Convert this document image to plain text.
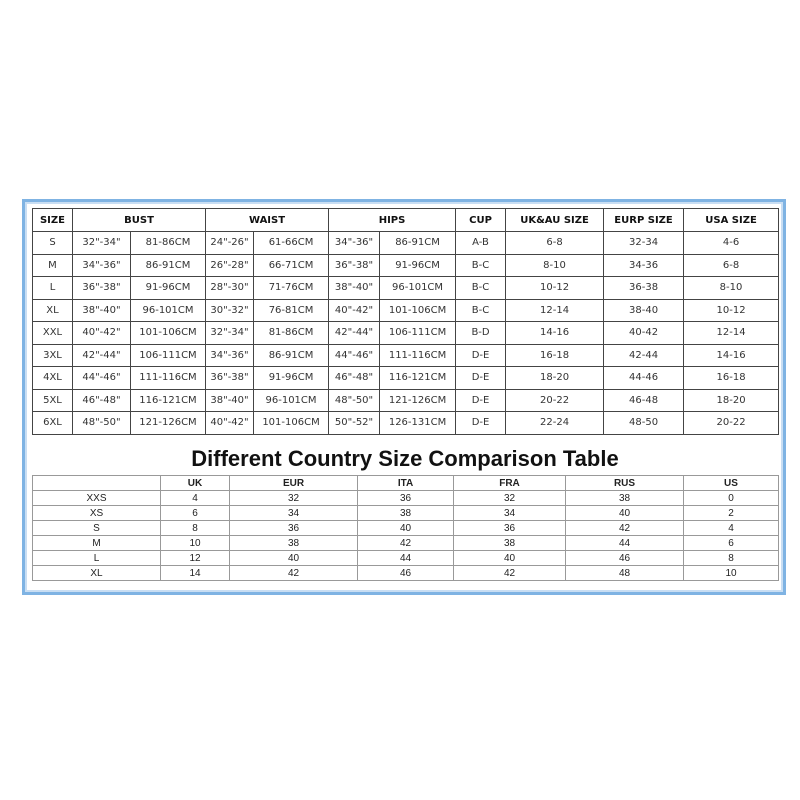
SIZE	BUST		WAIST		HIPS		CUP	UK&AU SIZE	EURP SIZE	USA SIZE
S	32"-34"	81-86CM	24"-26"	61-66CM	34"-36"	86-91CM	A-B	6-8	32-34	4-6
M	34"-36"	86-91CM	26"-28"	66-71CM	36"-38"	91-96CM	B-C	8-10	34-36	6-8
L	36"-38"	91-96CM	28"-30"	71-76CM	38"-40"	96-101CM	B-C	10-12	36-38	8-10
XL	38"-40"	96-101CM	30"-32"	76-81CM	40"-42"	101-106CM	B-C	12-14	38-40	10-12
XXL	40"-42"	101-106CM	32"-34"	81-86CM	42"-44"	106-111CM	B-D	14-16	40-42	12-14
3XL	42"-44"	106-111CM	34"-36"	86-91CM	44"-46"	111-116CM	D-E	16-18	42-44	14-16
4XL	44"-46"	111-116CM	36"-38"	91-96CM	46"-48"	116-121CM	D-E	18-20	44-46	16-18
5XL	46"-48"	116-121CM	38"-40"	96-101CM	48"-50"	121-126CM	D-E	20-22	46-48	18-20
6XL	48"-50"	121-126CM	40"-42"	101-106CM	50"-52"	126-131CM	D-E	22-24	48-50	20-22
Different Country Size Comparison Table
	UK	EUR	ITA	FRA	RUS	US
XXS	4	32	36	32	38	0
XS	6	34	38	34	40	2
S	8	36	40	36	42	4
M	10	38	42	38	44	6
L	12	40	44	40	46	8
XL	14	42	46	42	48	10
